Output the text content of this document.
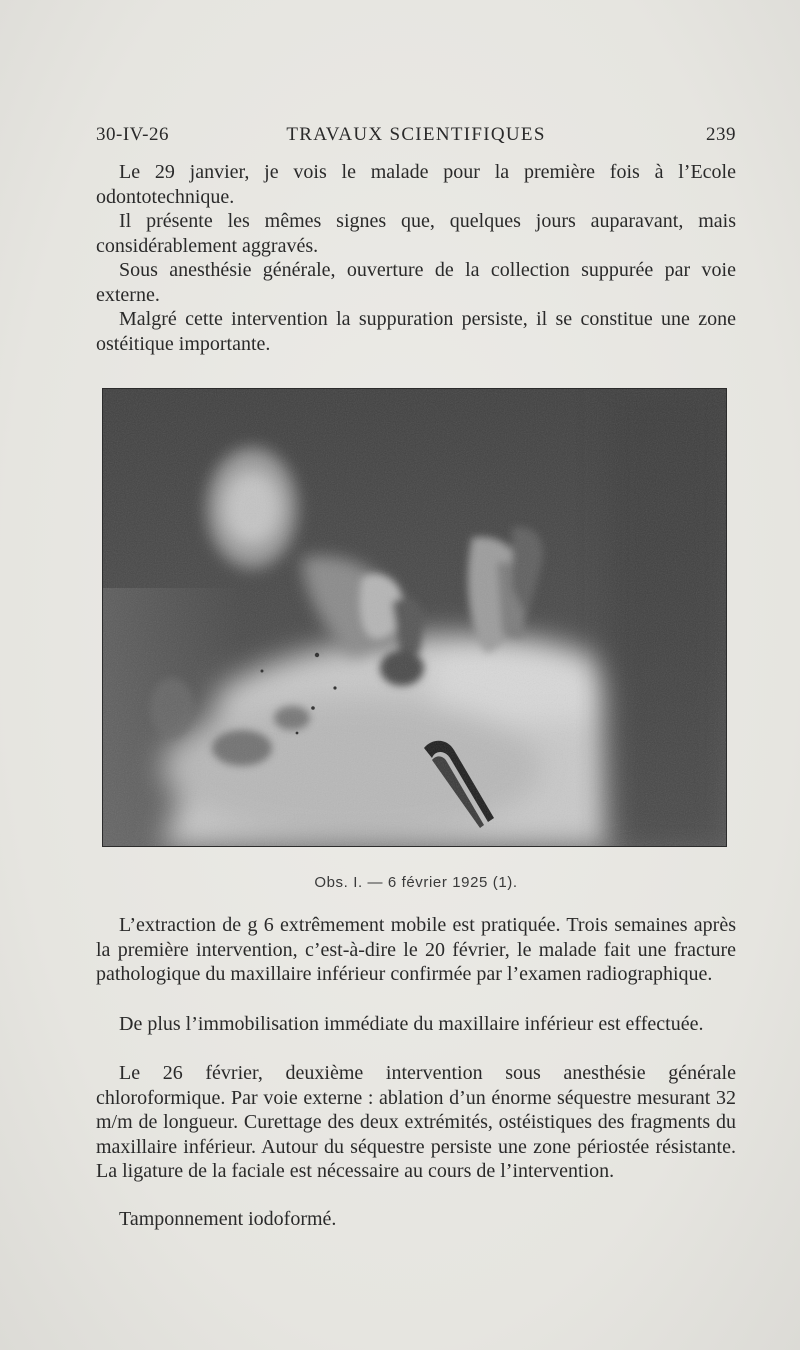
30-IV-26	TRAVAUX SCIENTIFIQUES	239

Le 29 janvier, je vois le malade pour la première fois à l’Ecole odontotechnique.

Il présente les mêmes signes que, quelques jours auparavant, mais considérablement aggravés.

Sous anesthésie générale, ouverture de la collection suppurée par voie externe.

Malgré cette intervention la suppuration persiste, il se constitue une zone ostéitique importante.

Obs. I. — 6 février 1925 (1).

L’extraction de g 6 extrêmement mobile est pratiquée. Trois semaines après la première intervention, c’est-à-dire le 20 février, le malade fait une fracture pathologique du maxillaire inférieur confirmée par l’examen radiographique.

De plus l’immobilisation immédiate du maxillaire inférieur est effectuée.

Le 26 février, deuxième intervention sous anesthésie générale chloroformique. Par voie externe : ablation d’un énorme séquestre mesurant 32 m/m de longueur. Curettage des deux extrémités, ostéistiques des fragments du maxillaire inférieur. Autour du séquestre persiste une zone périostée résistante. La ligature de la faciale est nécessaire au cours de l’intervention.

Tamponnement iodoformé.
